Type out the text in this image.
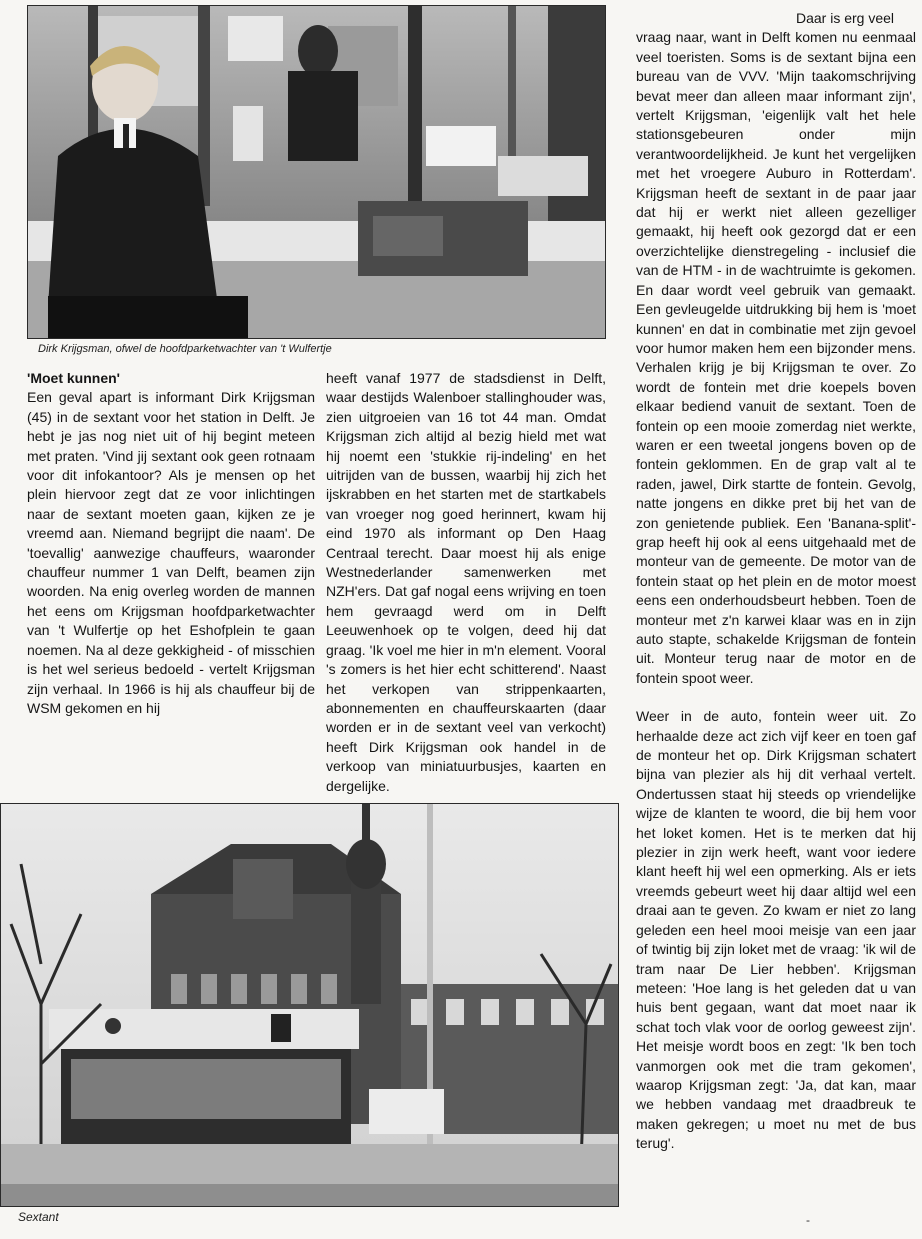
Dirk Krijgsman, ofwel de hoofdparketwachter van 't Wulfertje
'Moet kunnen'

Een geval apart is informant Dirk Krijgsman (45) in de sextant voor het station in Delft. Je hebt je jas nog niet uit of hij begint meteen met praten. 'Vind jij sextant ook geen rotnaam voor dit infokantoor? Als je mensen op het plein hiervoor zegt dat ze voor inlichtingen naar de sextant moeten gaan, kijken ze je vreemd aan. Niemand begrijpt die naam'. De 'toevallig' aanwezige chauffeurs, waaronder chauffeur nummer 1 van Delft, beamen zijn woorden. Na enig overleg worden de mannen het eens om Krijgsman hoofdparketwachter van 't Wulfertje op het Eshofplein te gaan noemen. Na al deze gekkigheid - of misschien is het wel serieus bedoeld - vertelt Krijgsman zijn verhaal. In 1966 is hij als chauffeur bij de WSM gekomen en hij

heeft vanaf 1977 de stadsdienst in Delft, waar destijds Walenboer stallinghouder was, zien uitgroeien van 16 tot 44 man. Omdat Krijgsman zich altijd al bezig hield met wat hij noemt een 'stukkie rij-indeling' en het uitrijden van de bussen, waarbij hij zich het ijskrabben en het starten met de startkabels van vroeger nog goed herinnert, kwam hij eind 1970 als informant op Den Haag Centraal terecht. Daar moest hij als enige Westnederlander samenwerken met NZH'ers. Dat gaf nogal eens wrijving en toen hem gevraagd werd om in Delft Leeuwenhoek op te volgen, deed hij dat graag. 'Ik voel me hier in m'n element. Vooral 's zomers is het hier echt schitterend'. Naast het verkopen van strippenkaarten, abonnementen en chauffeurskaarten (daar worden er in de sextant veel van verkocht) heeft Dirk Krijgsman ook handel in de verkoop van miniatuurbusjes, kaarten en dergelijke.

Daar is erg veel

vraag naar, want in Delft komen nu eenmaal veel toeristen. Soms is de sextant bijna een bureau van de VVV. 'Mijn taakomschrijving bevat meer dan alleen maar informant zijn', vertelt Krijgsman, 'eigenlijk valt het hele stationsgebeuren onder mijn verantwoordelijkheid. Je kunt het vergelijken met het vroegere Auburo in Rotterdam'. Krijgsman heeft de sextant in de paar jaar dat hij er werkt niet alleen gezelliger gemaakt, hij heeft ook gezorgd dat er een overzichtelijke dienstregeling - inclusief die van de HTM - in de wachtruimte is gekomen. En daar wordt veel gebruik van gemaakt. Een gevleugelde uitdrukking bij hem is 'moet kunnen' en dat in combinatie met zijn gevoel voor humor maken hem een bijzonder mens. Verhalen krijg je bij Krijgsman te over. Zo wordt de fontein met drie koepels boven elkaar bediend vanuit de sextant. Toen de fontein op een mooie zomerdag niet werkte, waren er een tweetal jongens boven op de fontein geklommen. En de grap valt al te raden, jawel, Dirk startte de fontein. Gevolg, natte jongens en dikke pret bij het van de zon genietende publiek. Een 'Banana-split'-grap heeft hij ook al eens uitgehaald met de monteur van de gemeente. De motor van de fontein staat op het plein en de motor moest eens een onderhoudsbeurt hebben. Toen de monteur met z'n karwei klaar was en in zijn auto stapte, schakelde Krijgsman de fontein uit. Monteur terug naar de motor en de fontein spoot weer.

Weer in de auto, fontein weer uit. Zo herhaalde deze act zich vijf keer en toen gaf de monteur het op. Dirk Krijgsman schatert bijna van plezier als hij dit verhaal vertelt. Ondertussen staat hij steeds op vriendelijke wijze de klanten te woord, die bij hem voor het loket komen. Het is te merken dat hij plezier in zijn werk heeft, want voor iedere klant heeft hij wel een opmerking. Als er iets vreemds gebeurt weet hij daar altijd wel een draai aan te geven. Zo kwam er niet zo lang geleden een heel mooi meisje van een jaar of twintig bij zijn loket met de vraag: 'ik wil de tram naar De Lier hebben'. Krijgsman meteen: 'Hoe lang is het geleden dat u van huis bent gegaan, want dat moet naar ik schat toch vlak voor de oorlog geweest zijn'. Het meisje wordt boos en zegt: 'Ik ben toch vanmorgen ook met die tram gekomen', waarop Krijgsman zegt: 'Ja, dat kan, maar we hebben vandaag met draadbreuk te maken gekregen; u moet nu met de bus terug'.

Sextant	-
